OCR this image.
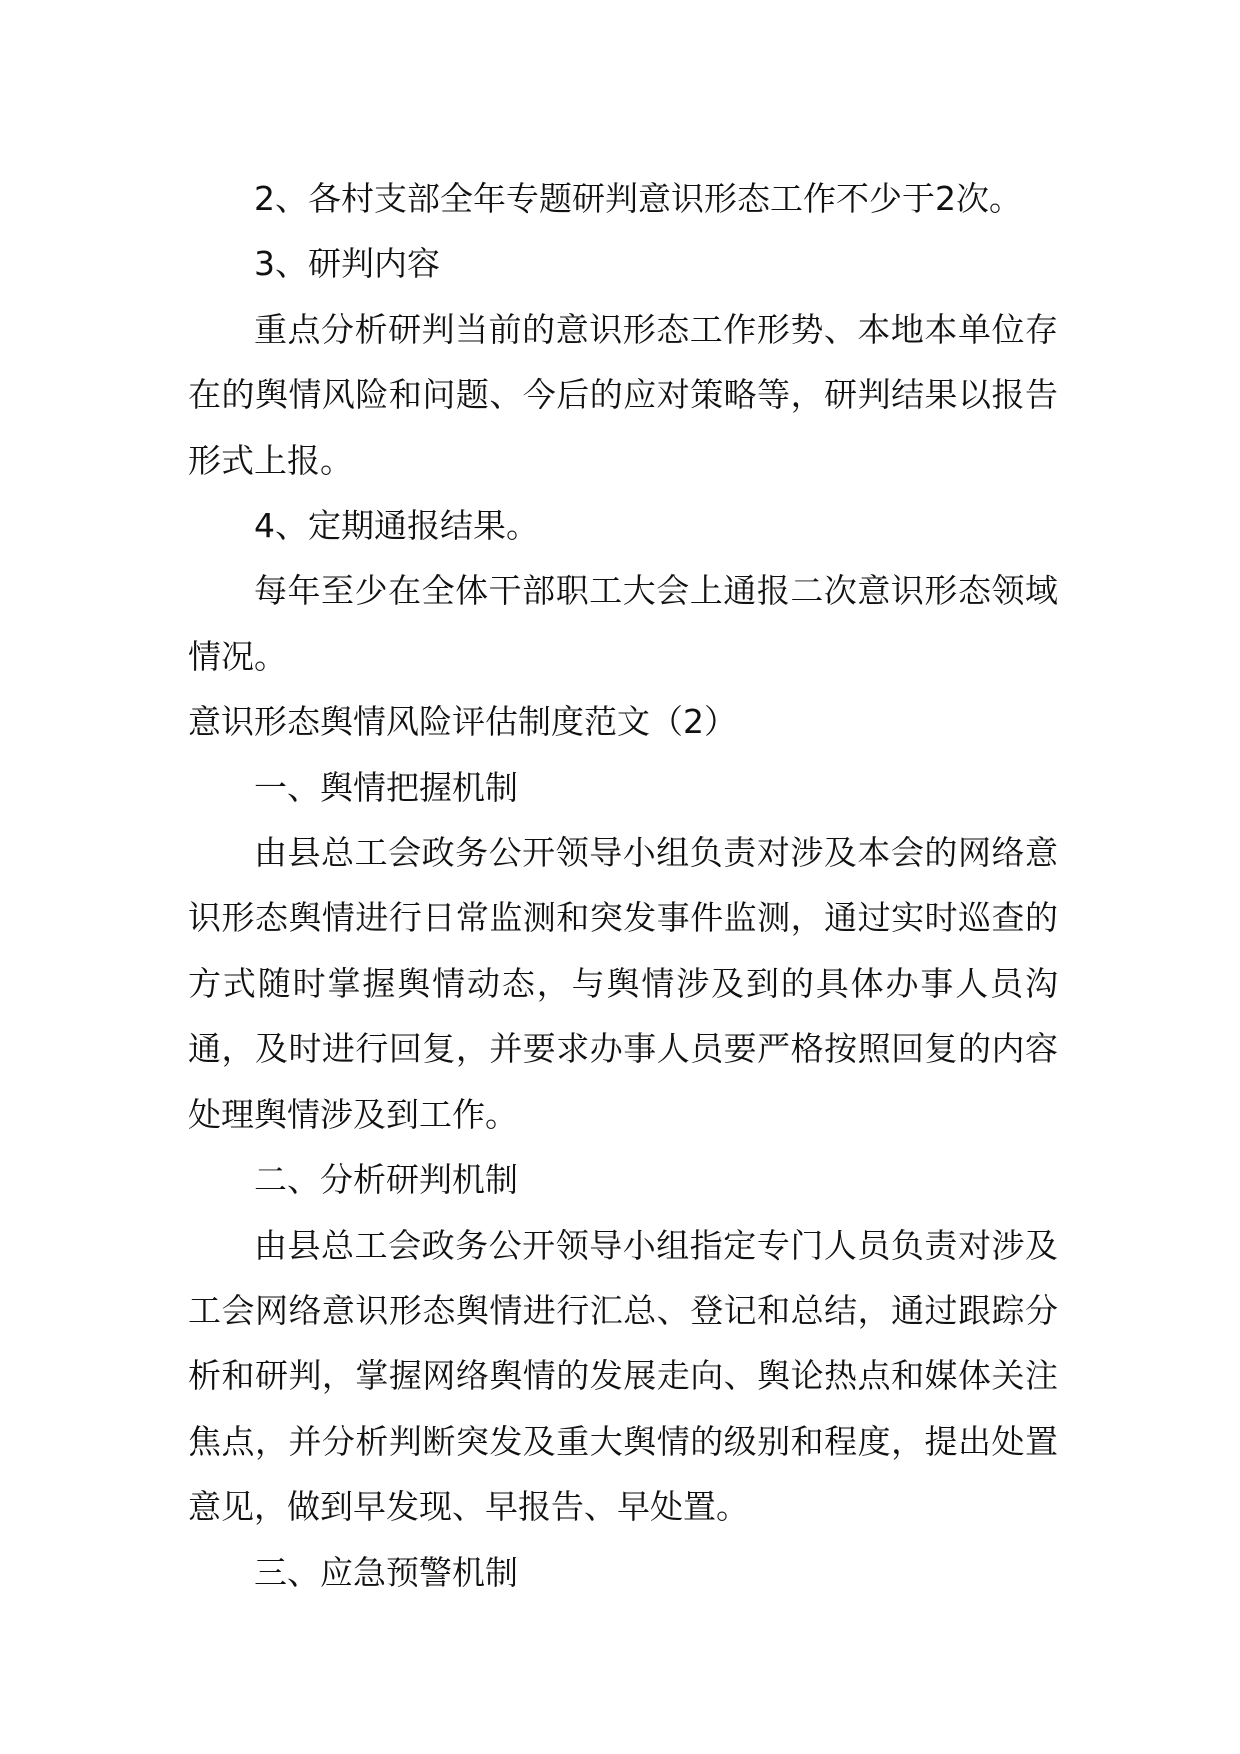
2、各村支部全年专题研判意识形态工作不少于2次。

3、研判内容

重点分析研判当前的意识形态工作形势、本地本单位存在的舆情风险和问题、今后的应对策略等，研判结果以报告形式上报。

4、定期通报结果。

每年至少在全体干部职工大会上通报二次意识形态领域情况。

意识形态舆情风险评估制度范文（2）

一、舆情把握机制

由县总工会政务公开领导小组负责对涉及本会的网络意识形态舆情进行日常监测和突发事件监测，通过实时巡查的方式随时掌握舆情动态，与舆情涉及到的具体办事人员沟通，及时进行回复，并要求办事人员要严格按照回复的内容处理舆情涉及到工作。

二、分析研判机制

由县总工会政务公开领导小组指定专门人员负责对涉及工会网络意识形态舆情进行汇总、登记和总结，通过跟踪分析和研判，掌握网络舆情的发展走向、舆论热点和媒体关注焦点，并分析判断突发及重大舆情的级别和程度，提出处置意见，做到早发现、早报告、早处置。

三、应急预警机制
